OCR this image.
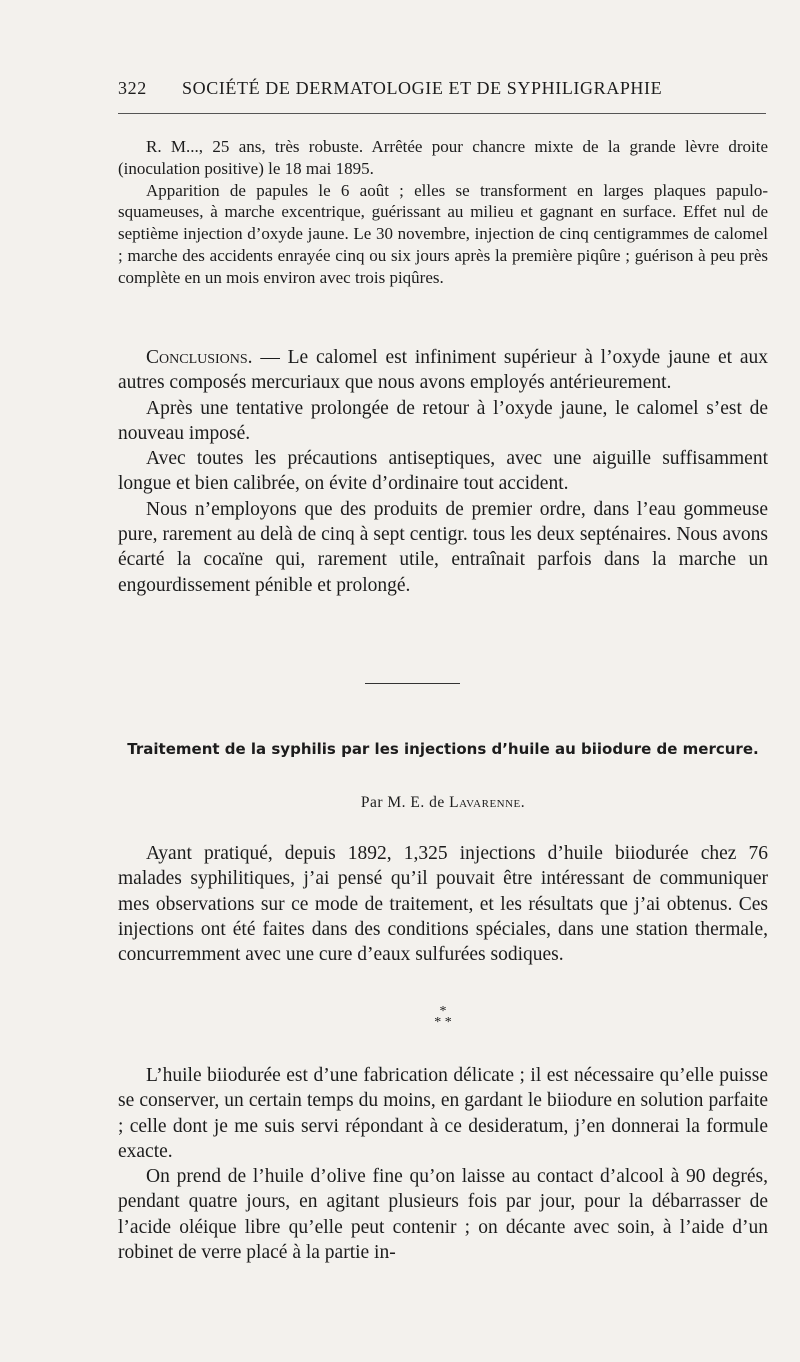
322 SOCIÉTÉ DE DERMATOLOGIE ET DE SYPHILIGRAPHIE

R. M..., 25 ans, très robuste. Arrêtée pour chancre mixte de la grande lèvre droite (inoculation positive) le 18 mai 1895.

Apparition de papules le 6 août ; elles se transforment en larges plaques papulo-squameuses, à marche excentrique, guérissant au milieu et gagnant en surface. Effet nul de septième injection d’oxyde jaune. Le 30 novembre, injection de cinq centigrammes de calomel ; marche des accidents enrayée cinq ou six jours après la première piqûre ; guérison à peu près complète en un mois environ avec trois piqûres.

Conclusions. — Le calomel est infiniment supérieur à l’oxyde jaune et aux autres composés mercuriaux que nous avons employés antérieurement.

Après une tentative prolongée de retour à l’oxyde jaune, le calomel s’est de nouveau imposé.

Avec toutes les précautions antiseptiques, avec une aiguille suffisamment longue et bien calibrée, on évite d’ordinaire tout accident.

Nous n’employons que des produits de premier ordre, dans l’eau gommeuse pure, rarement au delà de cinq à sept centigr. tous les deux septénaires. Nous avons écarté la cocaïne qui, rarement utile, entraînait parfois dans la marche un engourdissement pénible et prolongé.

Traitement de la syphilis par les injections d’huile au biiodure de mercure.
Par M. E. de Lavarenne.

Ayant pratiqué, depuis 1892, 1,325 injections d’huile biiodurée chez 76 malades syphilitiques, j’ai pensé qu’il pouvait être intéressant de communiquer mes observations sur ce mode de traitement, et les résultats que j’ai obtenus. Ces injections ont été faites dans des conditions spéciales, dans une station thermale, concurremment avec une cure d’eaux sulfurées sodiques.

*
* *

L’huile biiodurée est d’une fabrication délicate ; il est nécessaire qu’elle puisse se conserver, un certain temps du moins, en gardant le biiodure en solution parfaite ; celle dont je me suis servi répondant à ce desideratum, j’en donnerai la formule exacte.

On prend de l’huile d’olive fine qu’on laisse au contact d’alcool à 90 degrés, pendant quatre jours, en agitant plusieurs fois par jour, pour la débarrasser de l’acide oléique libre qu’elle peut contenir ; on décante avec soin, à l’aide d’un robinet de verre placé à la partie in-
